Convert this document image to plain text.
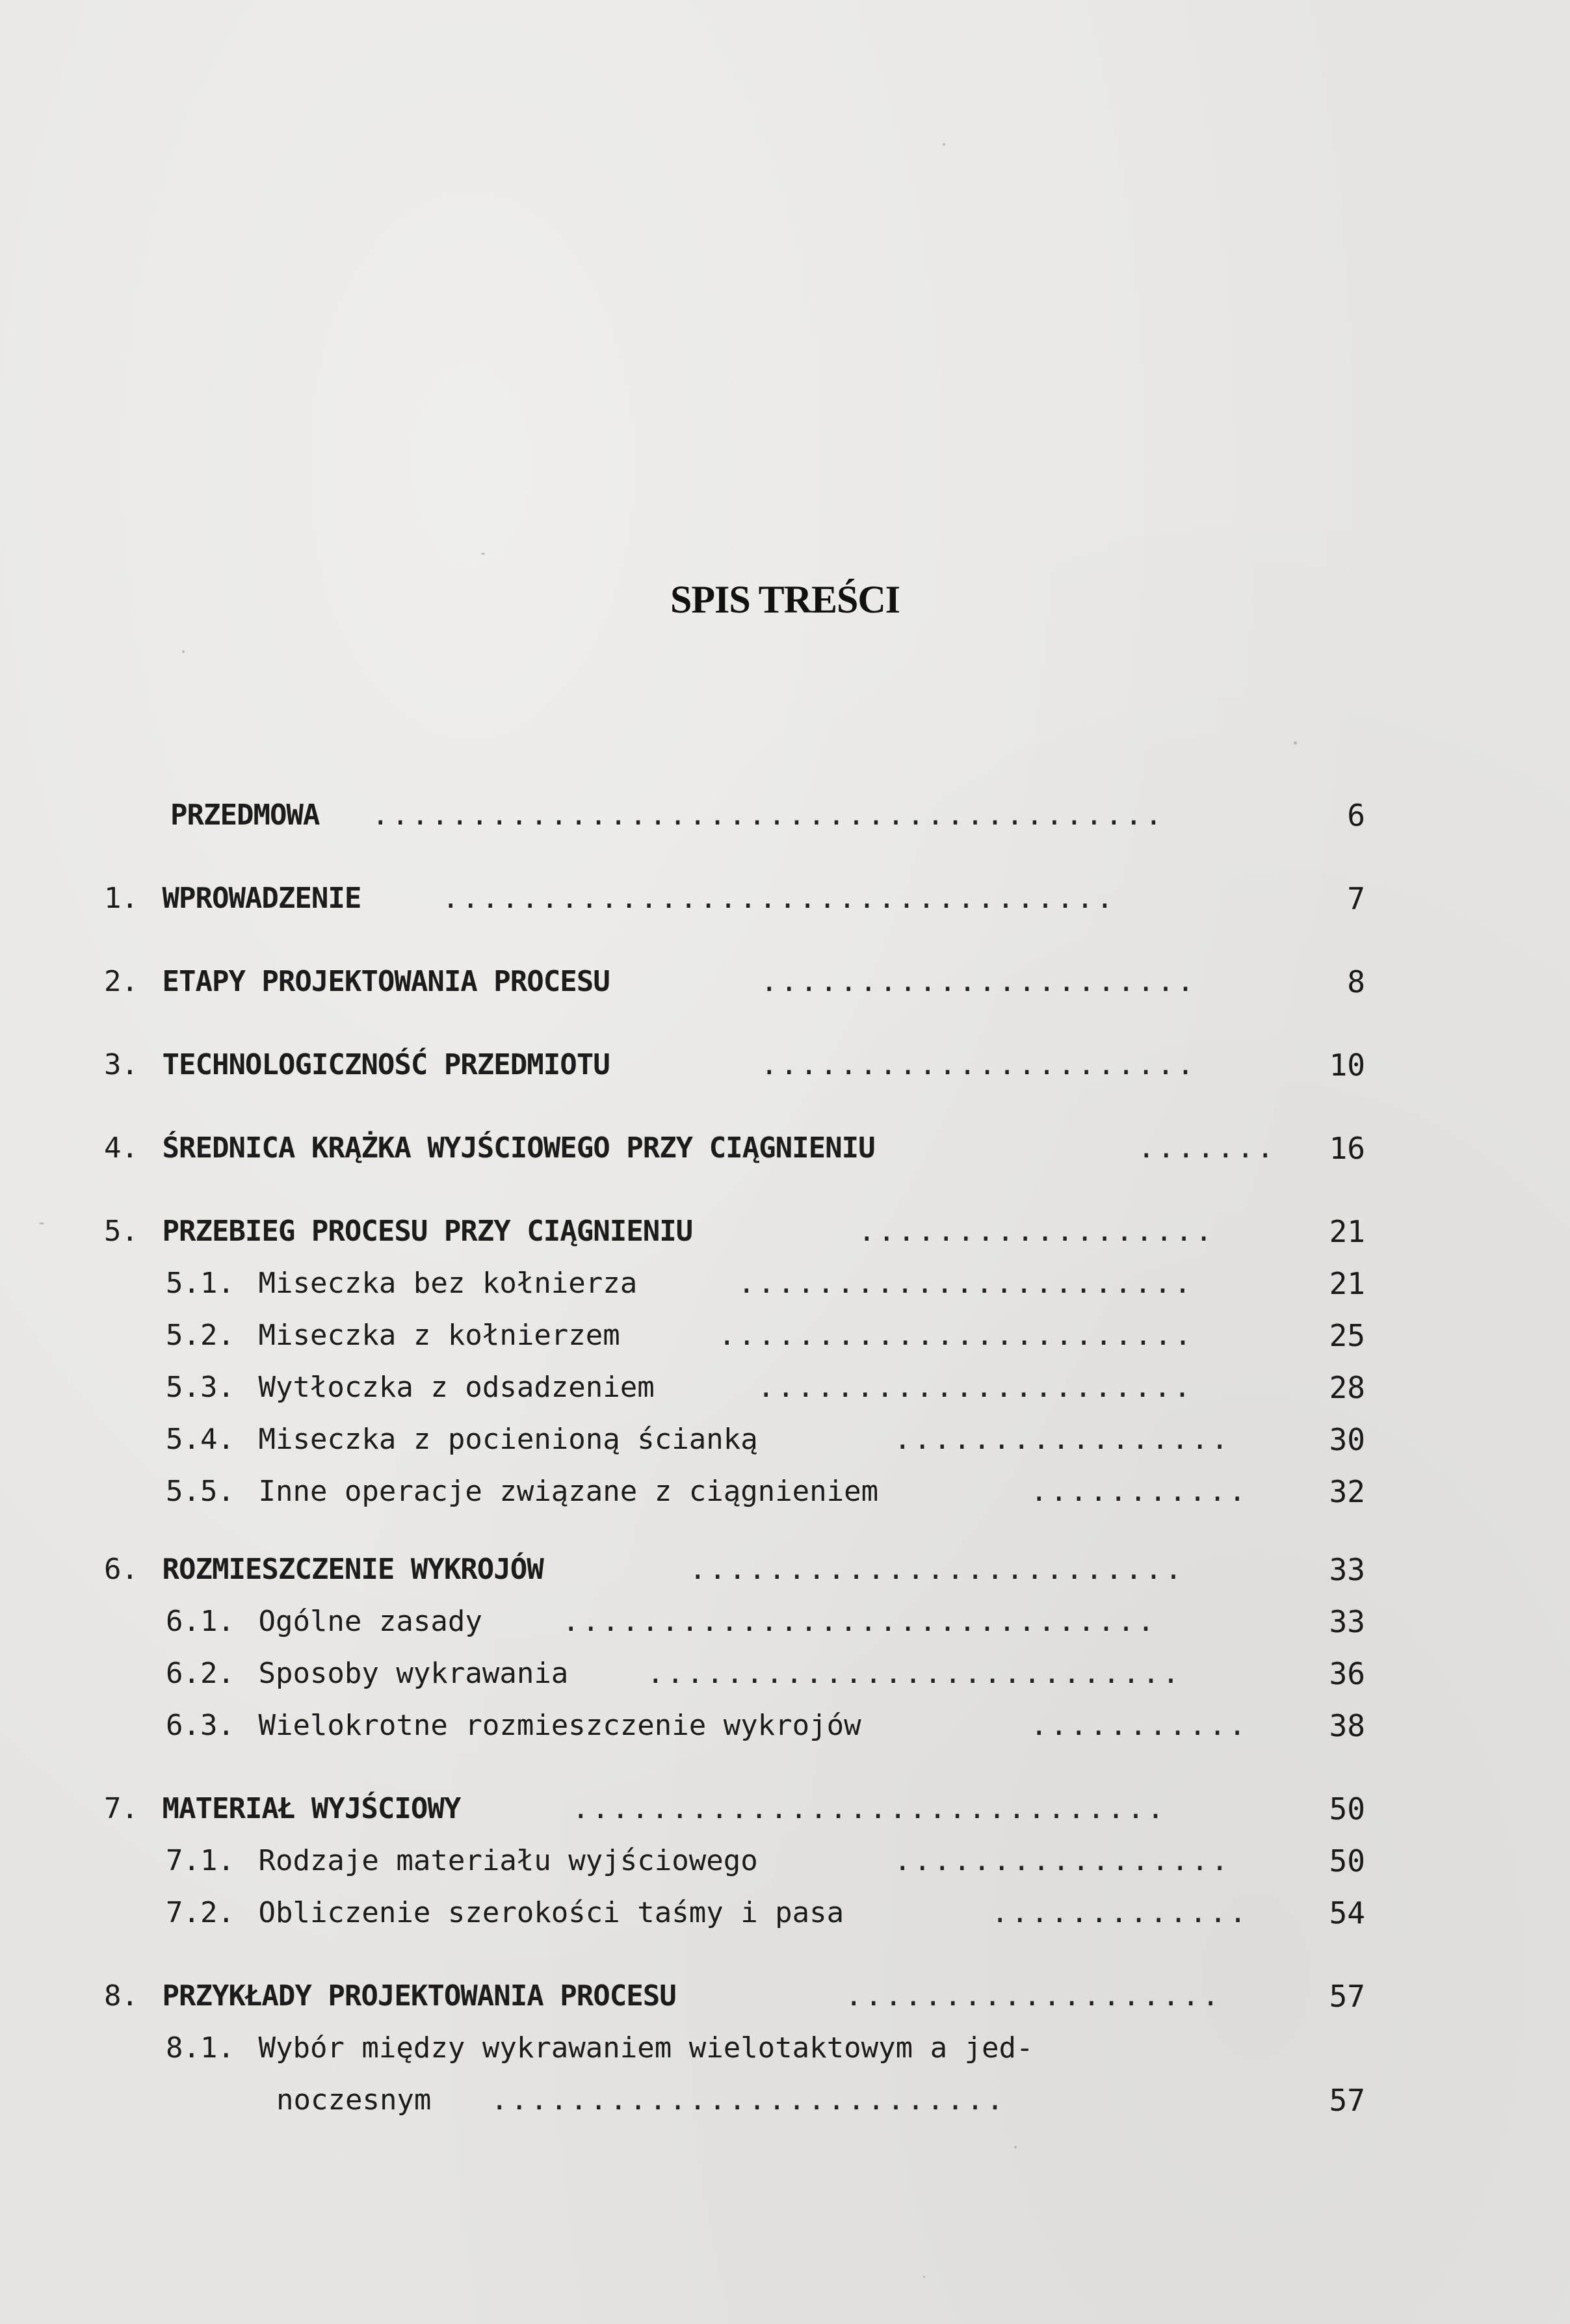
SPIS TREŚCI
PRZEDMOWA ........................................	6
1. WPROWADZENIE	..................................	7
2. ETAPY PROJEKTOWANIA PROCESU	......................	8
3. TECHNOLOGICZNOŚĆ PRZEDMIOTU	......................	10
4. ŚREDNICA KRĄŻKA WYJŚCIOWEGO PRZY CIĄGNIENIU	.......	16
5. PRZEBIEG PROCESU PRZY CIĄGNIENIU	..................	21
5.1. Miseczka bez kołnierza	.......................	21
5.2. Miseczka z kołnierzem	........................	25
5.3. Wytłoczka z odsadzeniem	......................	28
5.4. Miseczka z pocienioną ścianką	.................	30
5.5. Inne operacje związane z ciągnieniem	...........	32
6. ROZMIESZCZENIE WYKROJÓW	.........................	33
6.1. Ogólne zasady	..............................	33
6.2. Sposoby wykrawania	...........................	36
6.3. Wielokrotne rozmieszczenie wykrojów	...........	38
7. MATERIAŁ WYJŚCIOWY	..............................	50
7.1. Rodzaje materiału wyjściowego	.................	50
7.2. Obliczenie szerokości taśmy i pasa	.............	54
8. PRZYKŁADY PROJEKTOWANIA PROCESU	...................	57
8.1. Wybór między wykrawaniem wielotaktowym a jed-
noczesnym ..........................	57
